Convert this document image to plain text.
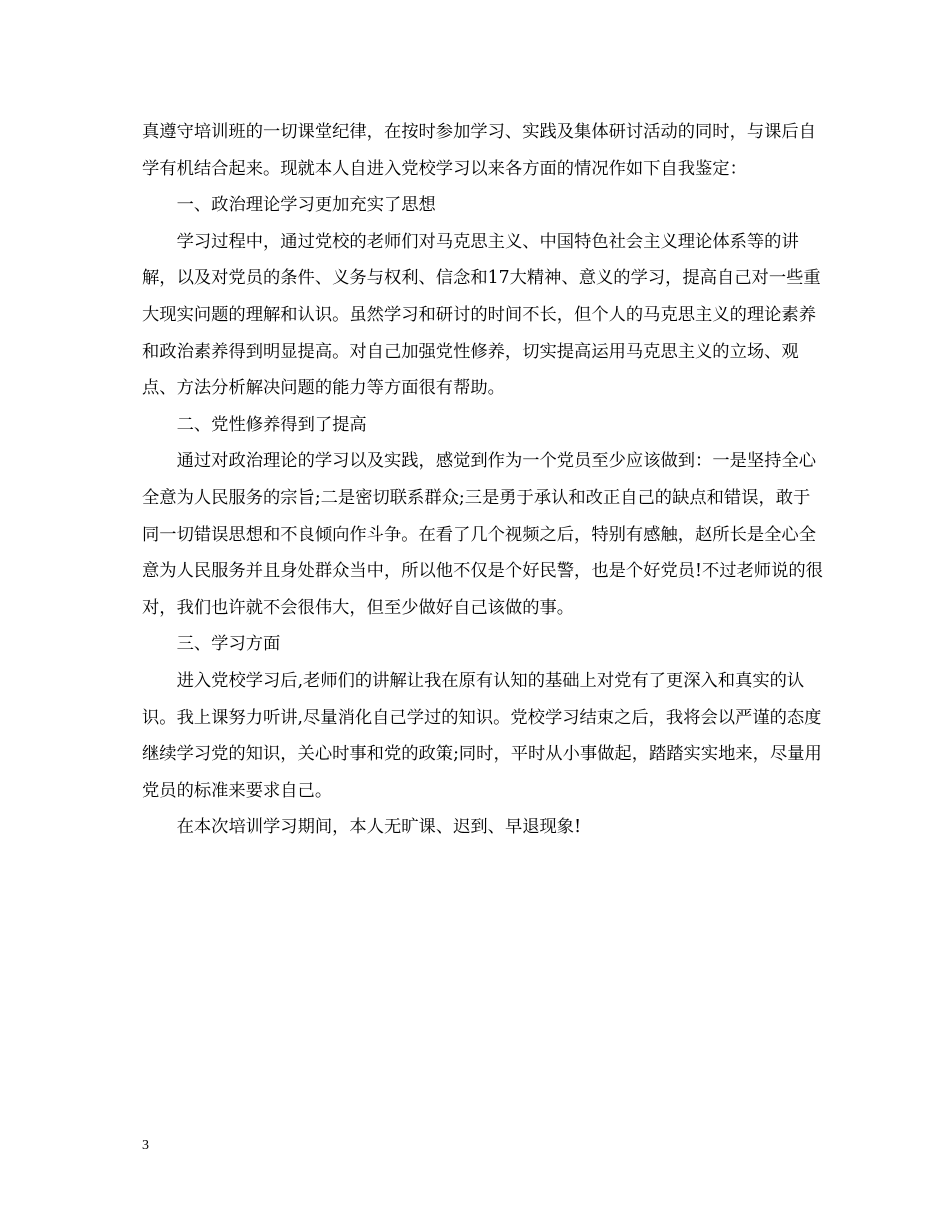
真遵守培训班的一切课堂纪律，在按时参加学习、实践及集体研讨活动的同时，与课后自学有机结合起来。现就本人自进入党校学习以来各方面的情况作如下自我鉴定：

一、政治理论学习更加充实了思想

学习过程中，通过党校的老师们对马克思主义、中国特色社会主义理论体系等的讲解，以及对党员的条件、义务与权利、信念和17大精神、意义的学习，提高自己对一些重大现实问题的理解和认识。虽然学习和研讨的时间不长，但个人的马克思主义的理论素养和政治素养得到明显提高。对自己加强党性修养，切实提高运用马克思主义的立场、观点、方法分析解决问题的能力等方面很有帮助。

二、党性修养得到了提高

通过对政治理论的学习以及实践，感觉到作为一个党员至少应该做到：一是坚持全心全意为人民服务的宗旨;二是密切联系群众;三是勇于承认和改正自己的缺点和错误，敢于同一切错误思想和不良倾向作斗争。在看了几个视频之后，特别有感触，赵所长是全心全意为人民服务并且身处群众当中，所以他不仅是个好民警，也是个好党员!不过老师说的很对，我们也许就不会很伟大，但至少做好自己该做的事。

三、学习方面

进入党校学习后,老师们的讲解让我在原有认知的基础上对党有了更深入和真实的认识。我上课努力听讲,尽量消化自己学过的知识。党校学习结束之后，我将会以严谨的态度继续学习党的知识，关心时事和党的政策;同时，平时从小事做起，踏踏实实地来，尽量用党员的标准来要求自己。

在本次培训学习期间，本人无旷课、迟到、早退现象!

3
